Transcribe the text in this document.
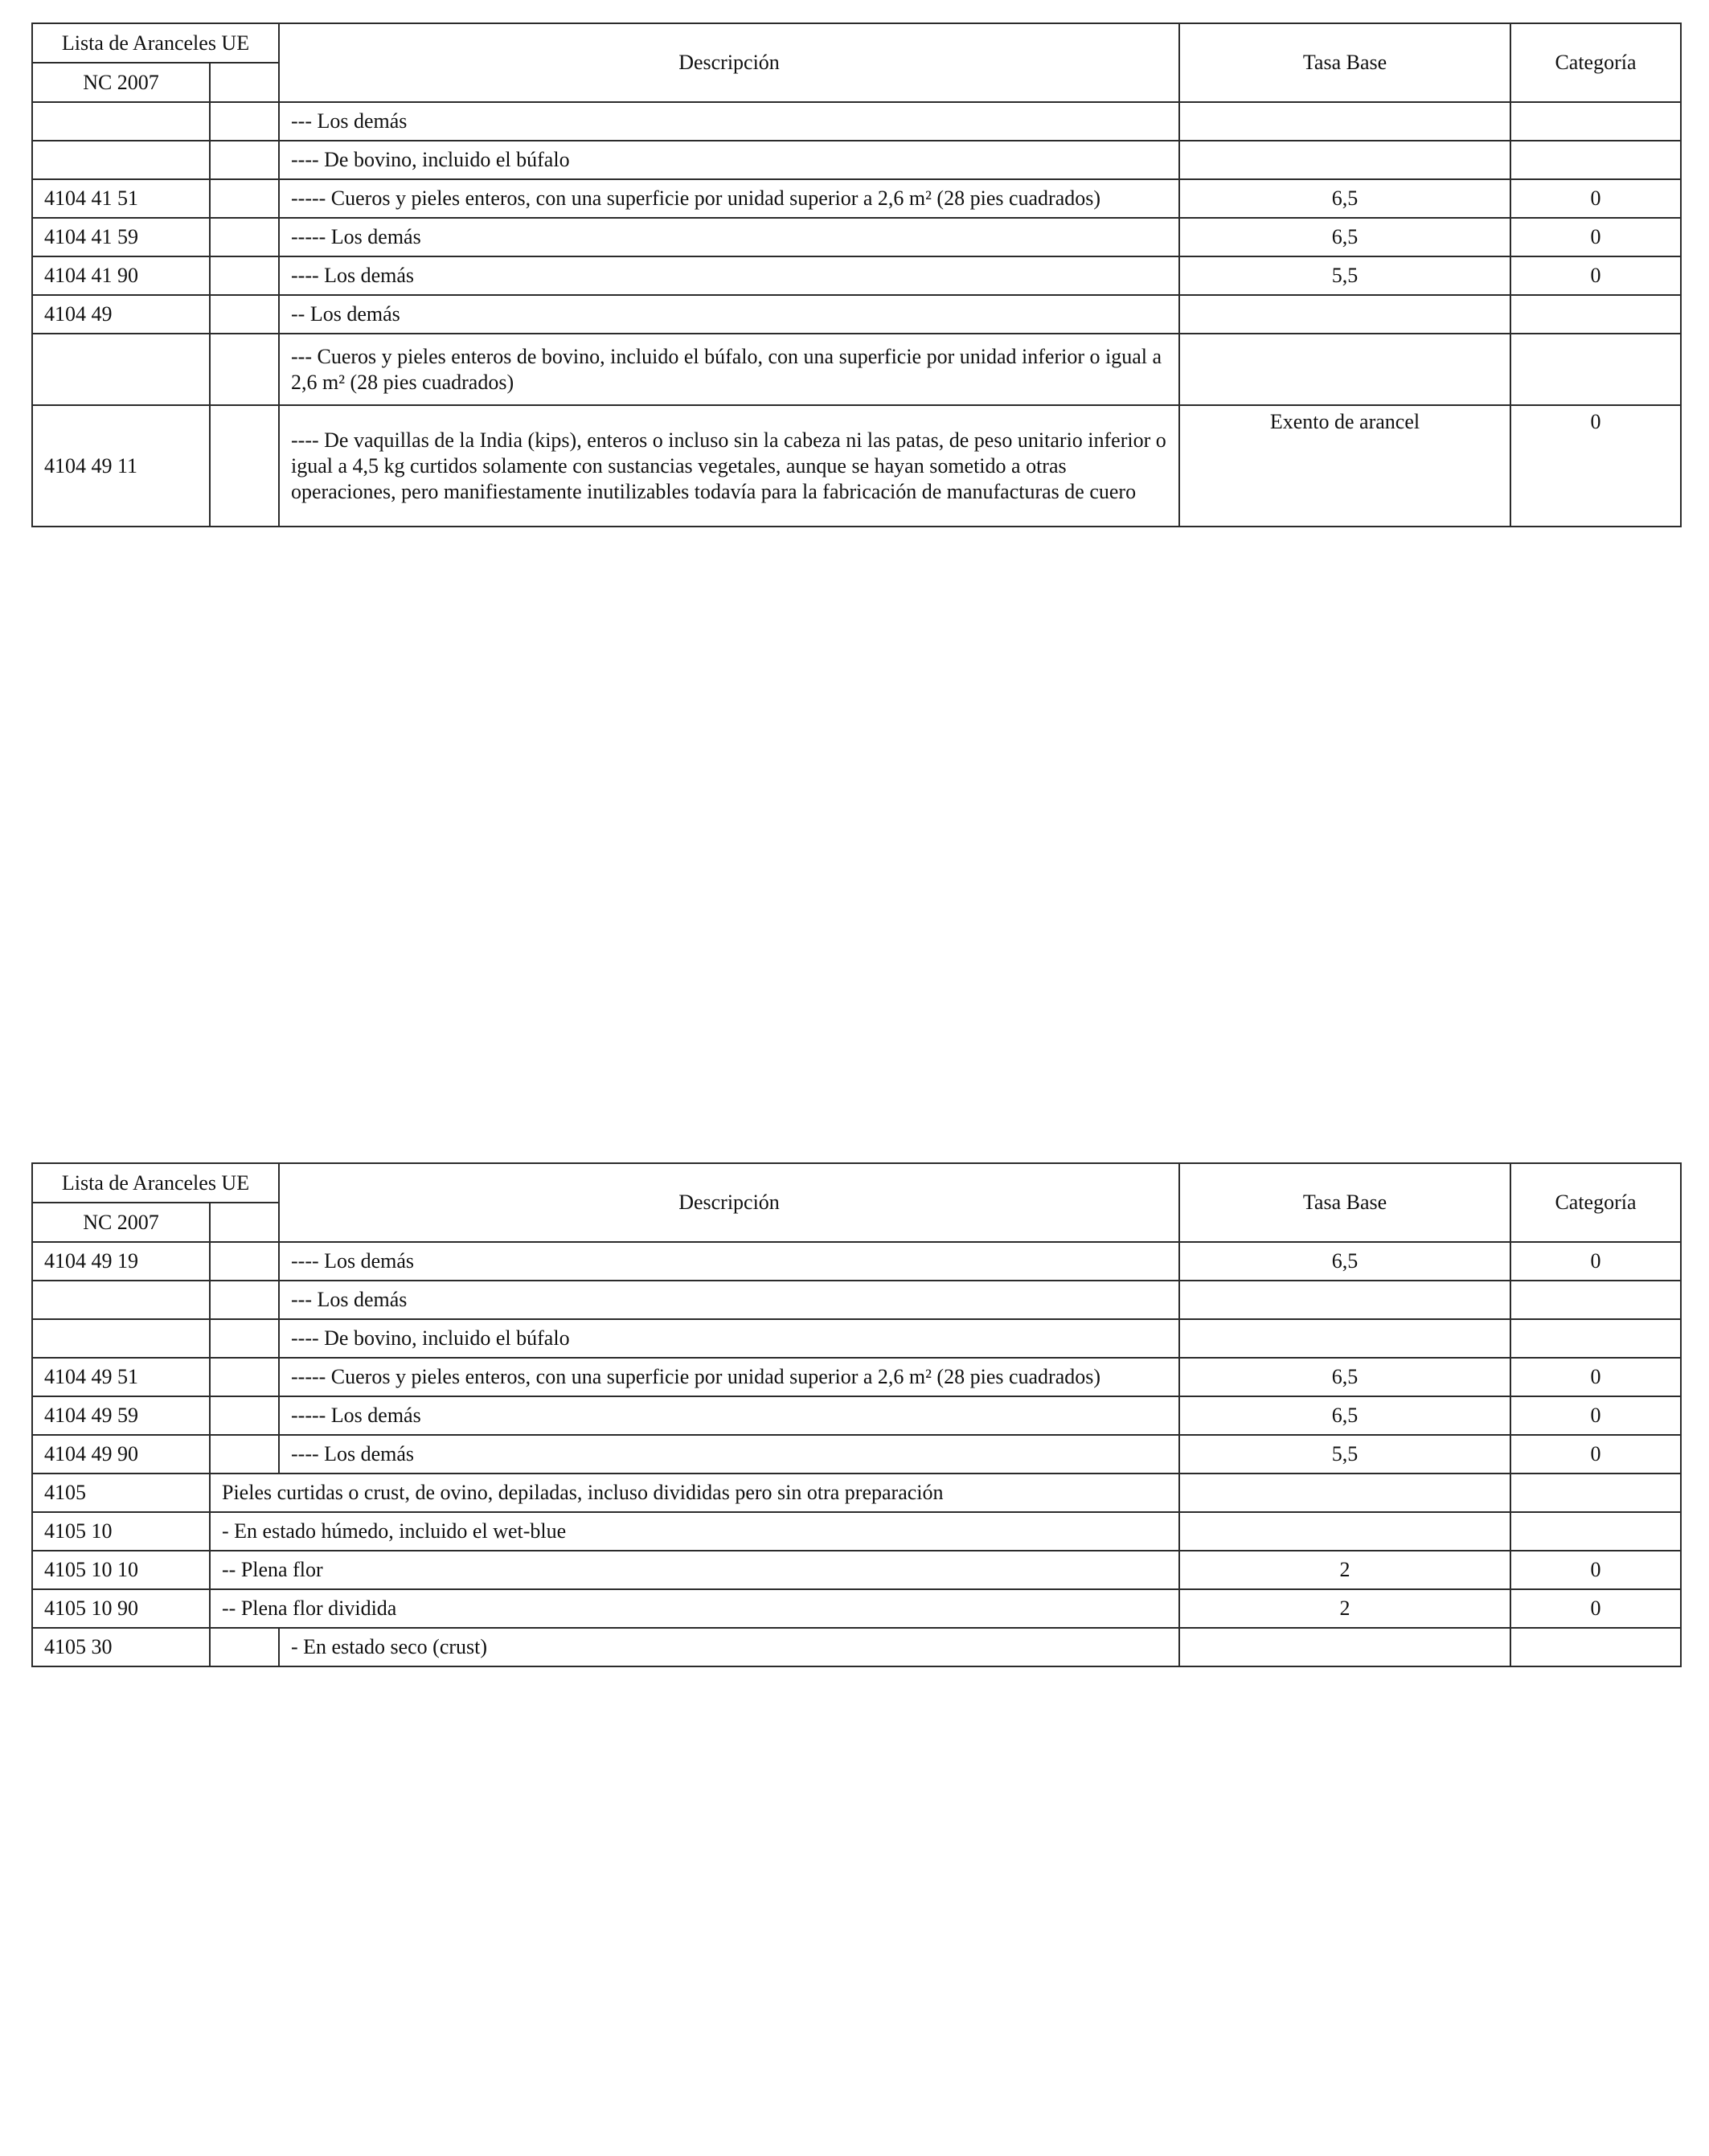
Lista de Aranceles UE		Descripción	Tasa Base	Categoría
NC 2007				
		--- Los demás		
		---- De bovino, incluido el búfalo		
4104 41 51		----- Cueros y pieles enteros, con una superficie por unidad superior a 2,6 m² (28 pies cuadrados)	6,5	0
4104 41 59		----- Los demás	6,5	0
4104 41 90		---- Los demás	5,5	0
4104 49		-- Los demás		
		--- Cueros y pieles enteros de bovino, incluido el búfalo, con una superficie por unidad inferior o igual a 2,6 m² (28 pies cuadrados)		
4104 49 11		---- De vaquillas de la India (kips), enteros o incluso sin la cabeza ni las patas, de peso unitario inferior o igual a 4,5 kg curtidos solamente con sustancias vegetales, aunque se hayan sometido a otras operaciones, pero manifiestamente inutilizables todavía para la fabricación de manufacturas de cuero	Exento de arancel	0
Lista de Aranceles UE		Descripción	Tasa Base	Categoría
NC 2007				
4104 49 19		---- Los demás	6,5	0
		--- Los demás		
		---- De bovino, incluido el búfalo		
4104 49 51		----- Cueros y pieles enteros, con una superficie por unidad superior a 2,6 m² (28 pies cuadrados)	6,5	0
4104 49 59		----- Los demás	6,5	0
4104 49 90		---- Los demás	5,5	0
4105	Pieles curtidas o crust, de ovino, depiladas, incluso divididas pero sin otra preparación			
4105 10	- En estado húmedo, incluido el wet-blue			
4105 10 10	-- Plena flor		2	0
4105 10 90	-- Plena flor dividida		2	0
4105 30		- En estado seco (crust)		
